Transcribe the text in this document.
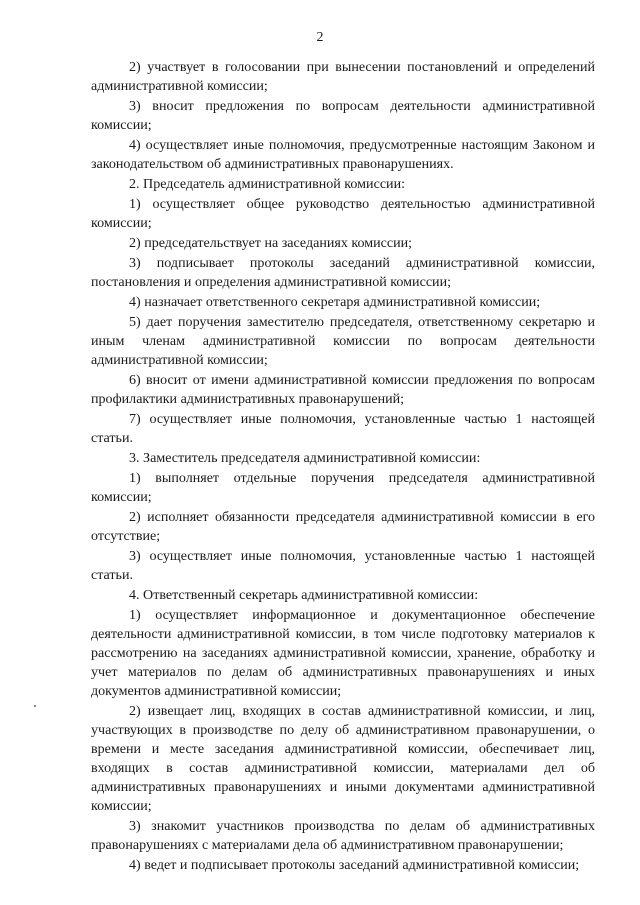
2

2) участвует в голосовании при вынесении постановлений и определений административной комиссии;

3) вносит предложения по вопросам деятельности административной комиссии;

4) осуществляет иные полномочия, предусмотренные настоящим Законом и законодательством об административных правонарушениях.

2. Председатель административной комиссии:

1) осуществляет общее руководство деятельностью административной комиссии;

2) председательствует на заседаниях комиссии;

3) подписывает протоколы заседаний административной комиссии, постановления и определения административной комиссии;

4) назначает ответственного секретаря административной комиссии;

5) дает поручения заместителю председателя, ответственному секретарю и иным членам административной комиссии по вопросам деятельности административной комиссии;

6) вносит от имени административной комиссии предложения по вопросам профилактики административных правонарушений;

7) осуществляет иные полномочия, установленные частью 1 настоящей статьи.

3. Заместитель председателя административной комиссии:

1) выполняет отдельные поручения председателя административной комиссии;

2) исполняет обязанности председателя административной комиссии в его отсутствие;

3) осуществляет иные полномочия, установленные частью 1 настоящей статьи.

4. Ответственный секретарь административной комиссии:

1) осуществляет информационное и документационное обеспечение деятельности административной комиссии, в том числе подготовку материалов к рассмотрению на заседаниях административной комиссии, хранение, обработку и учет материалов по делам об административных правонарушениях и иных документов административной комиссии;

2) извещает лиц, входящих в состав административной комиссии, и лиц, участвующих в производстве по делу об административном правонарушении, о времени и месте заседания административной комиссии, обеспечивает лиц, входящих в состав административной комиссии, материалами дел об административных правонарушениях и иными документами административной комиссии;

3) знакомит участников производства по делам об административных правонарушениях с материалами дела об административном правонарушении;

4) ведет и подписывает протоколы заседаний административной комиссии;
